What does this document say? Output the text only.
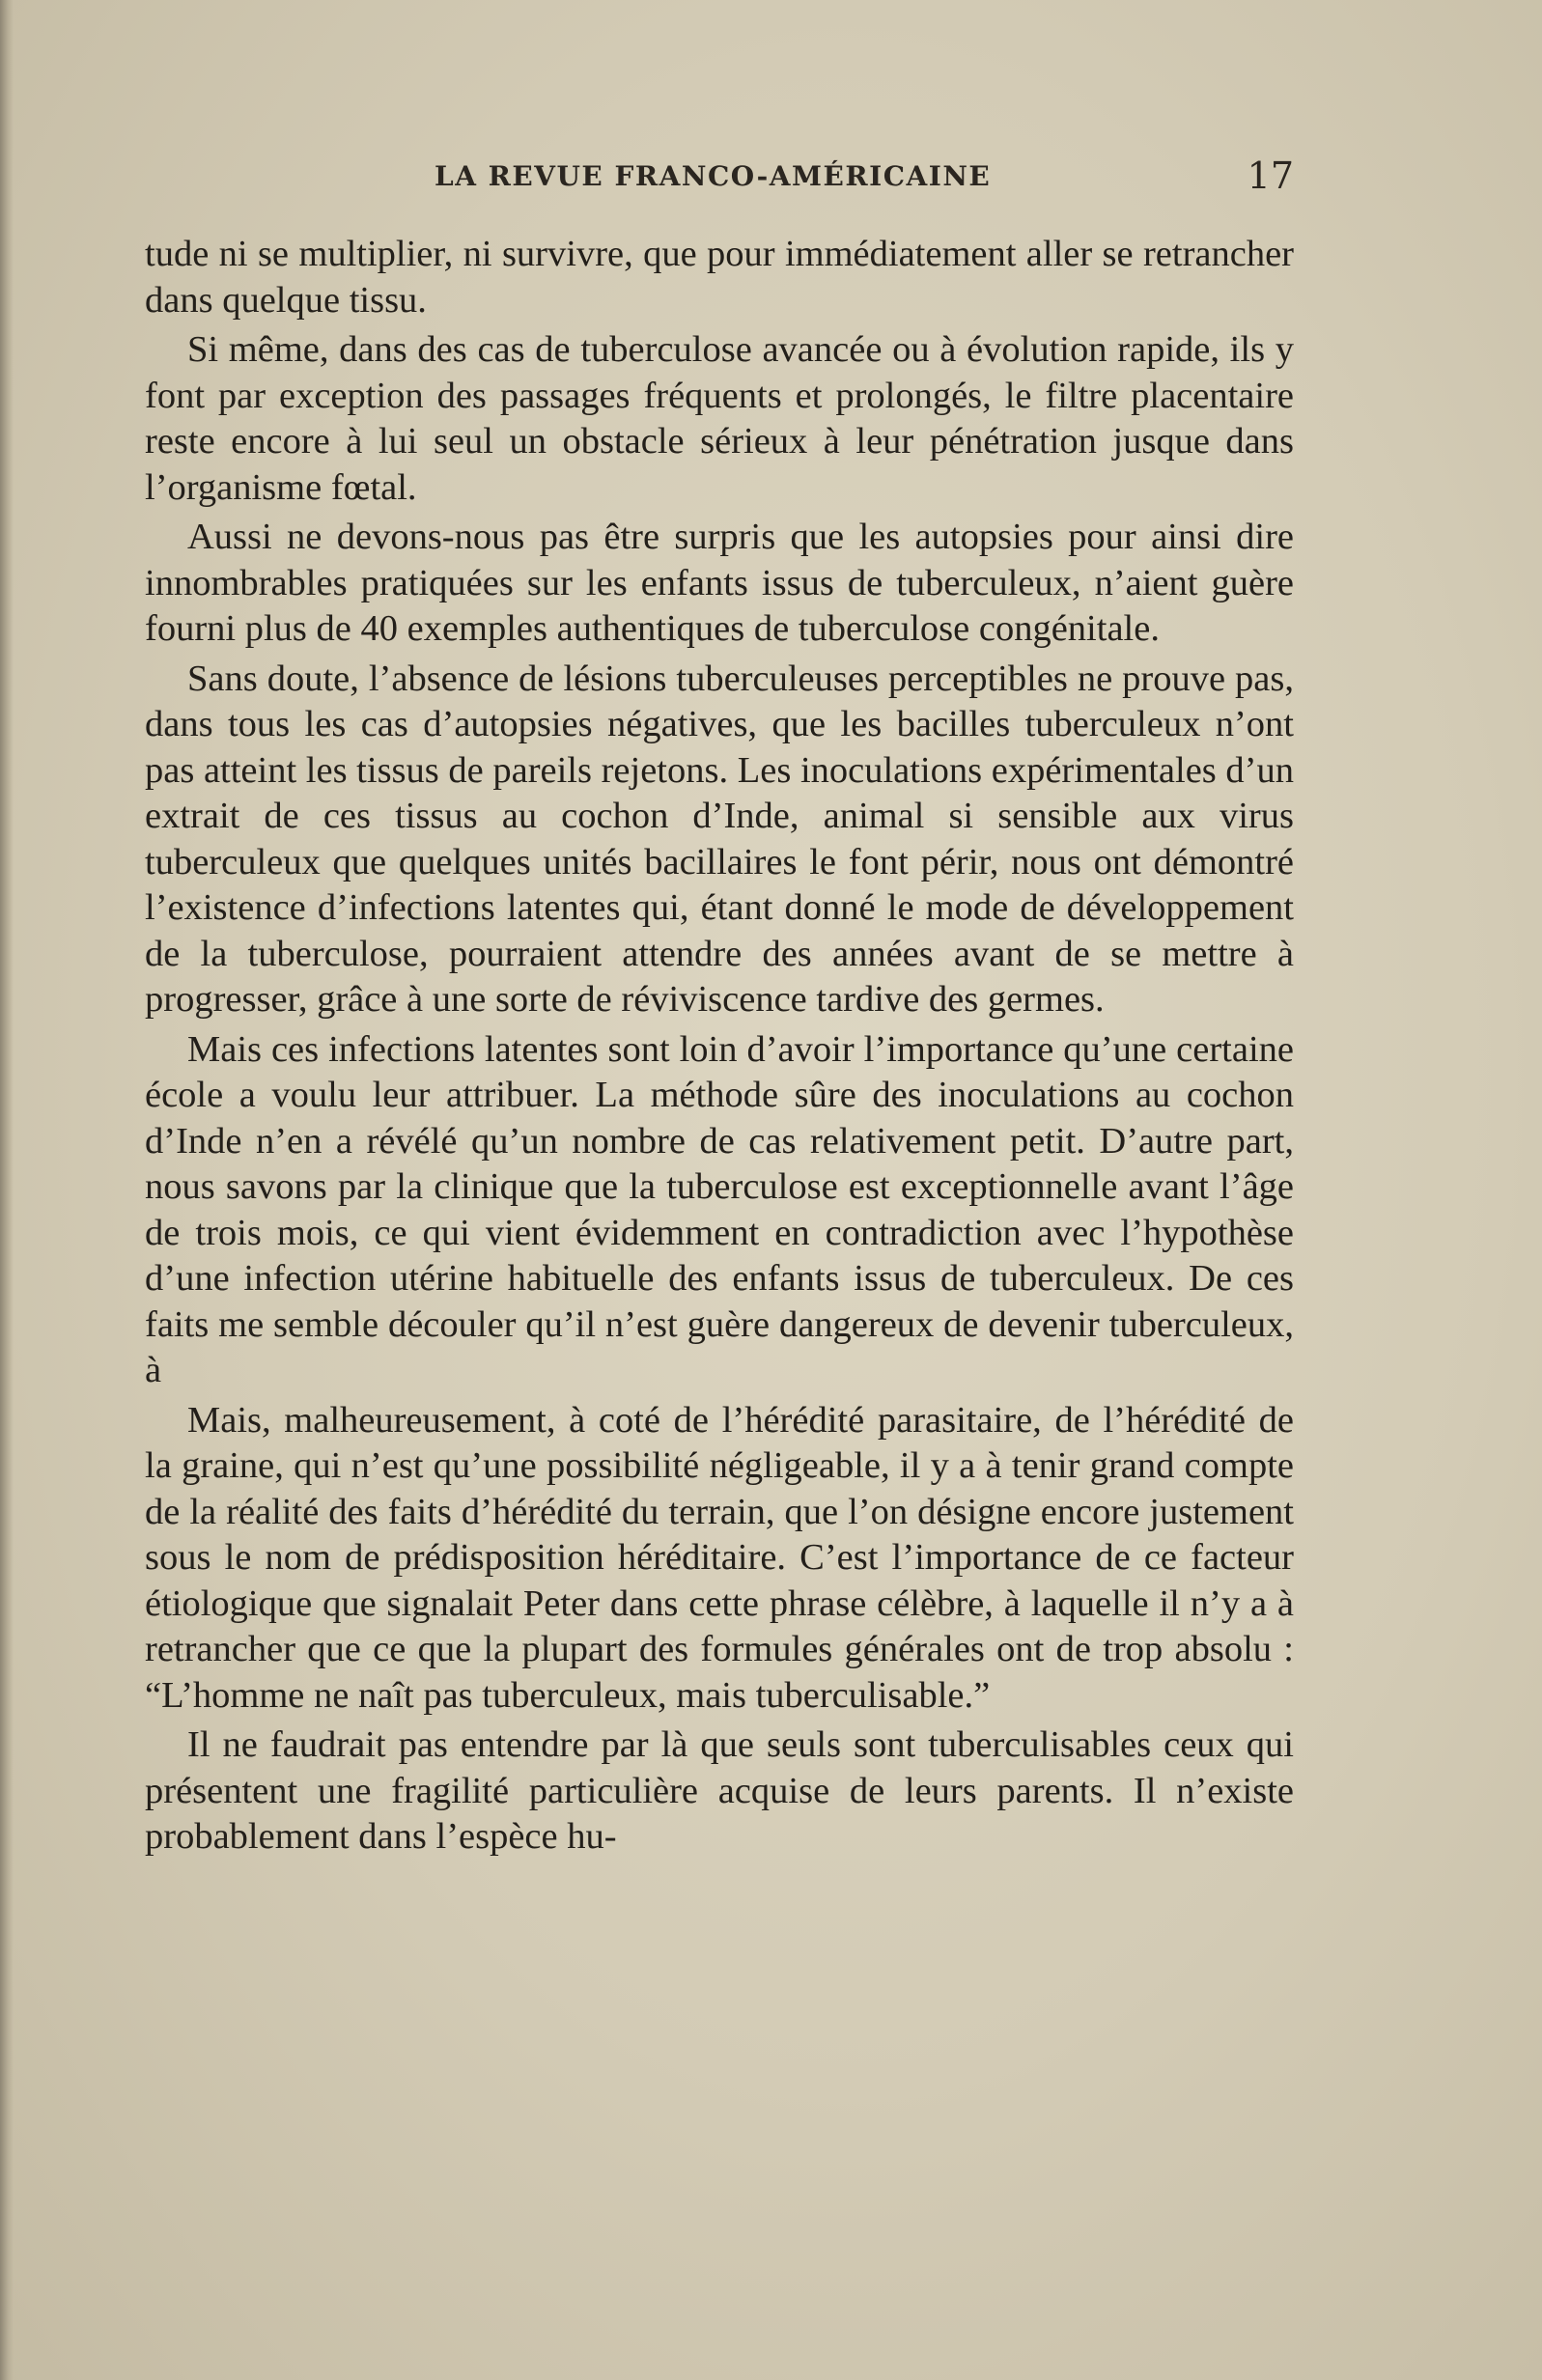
LA REVUE FRANCO-AMÉRICAINE	17

tude ni se multiplier, ni survivre, que pour immédiatement aller se retrancher dans quelque tissu.

Si même, dans des cas de tuberculose avancée ou à évolution rapide, ils y font par exception des passages fréquents et prolongés, le filtre placentaire reste encore à lui seul un obstacle sérieux à leur pénétration jusque dans l’organisme fœtal.

Aussi ne devons-nous pas être surpris que les autopsies pour ainsi dire innombrables pratiquées sur les enfants issus de tuberculeux, n’aient guère fourni plus de 40 exemples authentiques de tuberculose congénitale.

Sans doute, l’absence de lésions tuberculeuses perceptibles ne prouve pas, dans tous les cas d’autopsies négatives, que les bacilles tuberculeux n’ont pas atteint les tissus de pareils rejetons. Les inoculations expérimentales d’un extrait de ces tissus au cochon d’Inde, animal si sensible aux virus tuberculeux que quelques unités bacillaires le font périr, nous ont démontré l’existence d’infections latentes qui, étant donné le mode de développement de la tuberculose, pourraient attendre des années avant de se mettre à progresser, grâce à une sorte de réviviscence tardive des germes.

Mais ces infections latentes sont loin d’avoir l’importance qu’une certaine école a voulu leur attribuer. La méthode sûre des inoculations au cochon d’Inde n’en a révélé qu’un nombre de cas relativement petit. D’autre part, nous savons par la clinique que la tuberculose est exceptionnelle avant l’âge de trois mois, ce qui vient évidemment en contradiction avec l’hypothèse d’une infection utérine habituelle des enfants issus de tuberculeux. De ces faits me semble découler qu’il n’est guère dangereux de devenir tuberculeux, à

Mais, malheureusement, à coté de l’hérédité parasitaire, de l’hérédité de la graine, qui n’est qu’une possibilité négligeable, il y a à tenir grand compte de la réalité des faits d’hérédité du terrain, que l’on désigne encore justement sous le nom de prédisposition héréditaire. C’est l’importance de ce facteur étiologique que signalait Peter dans cette phrase célèbre, à laquelle il n’y a à retrancher que ce que la plupart des formules générales ont de trop absolu : “L’homme ne naît pas tuberculeux, mais tuberculisable.”

Il ne faudrait pas entendre par là que seuls sont tuberculisables ceux qui présentent une fragilité particulière acquise de leurs parents. Il n’existe probablement dans l’espèce hu-
